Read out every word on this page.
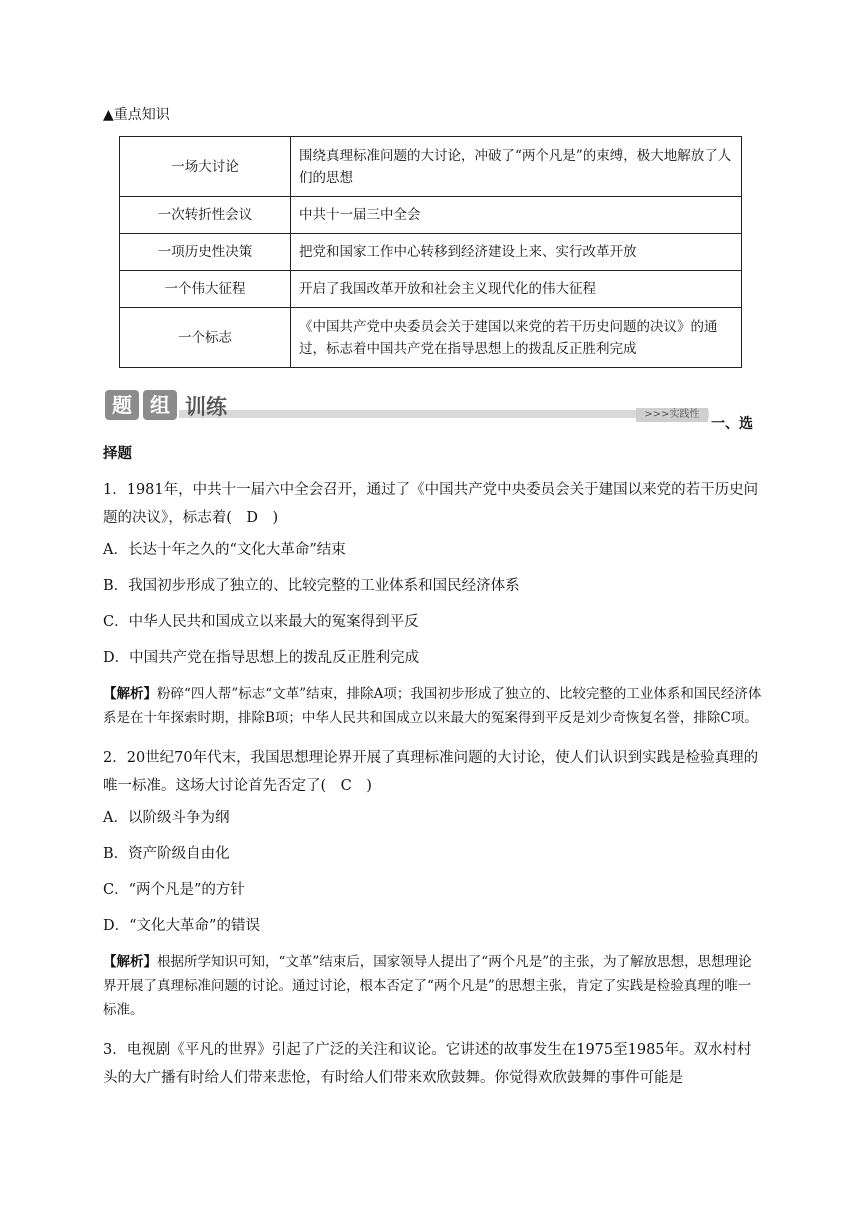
▲重点知识
一场大讨论	围绕真理标准问题的大讨论，冲破了“两个凡是”的束缚，极大地解放了人们的思想
一次转折性会议	中共十一届三中全会
一项历史性决策	把党和国家工作中心转移到经济建设上来、实行改革开放
一个伟大征程	开启了我国改革开放和社会主义现代化的伟大征程
一个标志	《中国共产党中央委员会关于建国以来党的若干历史问题的决议》的通过，标志着中国共产党在指导思想上的拨乱反正胜利完成
题 组 训练	>>>实践性
一、选

择题

1．1981年，中共十一届六中全会召开，通过了《中国共产党中央委员会关于建国以来党的若干历史问题的决议》，标志着(　D　)

A．长达十年之久的“文化大革命”结束

B．我国初步形成了独立的、比较完整的工业体系和国民经济体系

C．中华人民共和国成立以来最大的冤案得到平反

D．中国共产党在指导思想上的拨乱反正胜利完成

【解析】粉碎“四人帮”标志“文革”结束，排除A项；我国初步形成了独立的、比较完整的工业体系和国民经济体系是在十年探索时期，排除B项；中华人民共和国成立以来最大的冤案得到平反是刘少奇恢复名誉，排除C项。

2．20世纪70年代末，我国思想理论界开展了真理标准问题的大讨论，使人们认识到实践是检验真理的唯一标准。这场大讨论首先否定了(　C　)

A．以阶级斗争为纲

B．资产阶级自由化

C．“两个凡是”的方针

D．“文化大革命”的错误

【解析】根据所学知识可知，“文革”结束后，国家领导人提出了“两个凡是”的主张，为了解放思想，思想理论界开展了真理标准问题的讨论。通过讨论，根本否定了“两个凡是”的思想主张，肯定了实践是检验真理的唯一标准。

3．电视剧《平凡的世界》引起了广泛的关注和议论。它讲述的故事发生在1975至1985年。双水村村头的大广播有时给人们带来悲怆，有时给人们带来欢欣鼓舞。你觉得欢欣鼓舞的事件可能是
